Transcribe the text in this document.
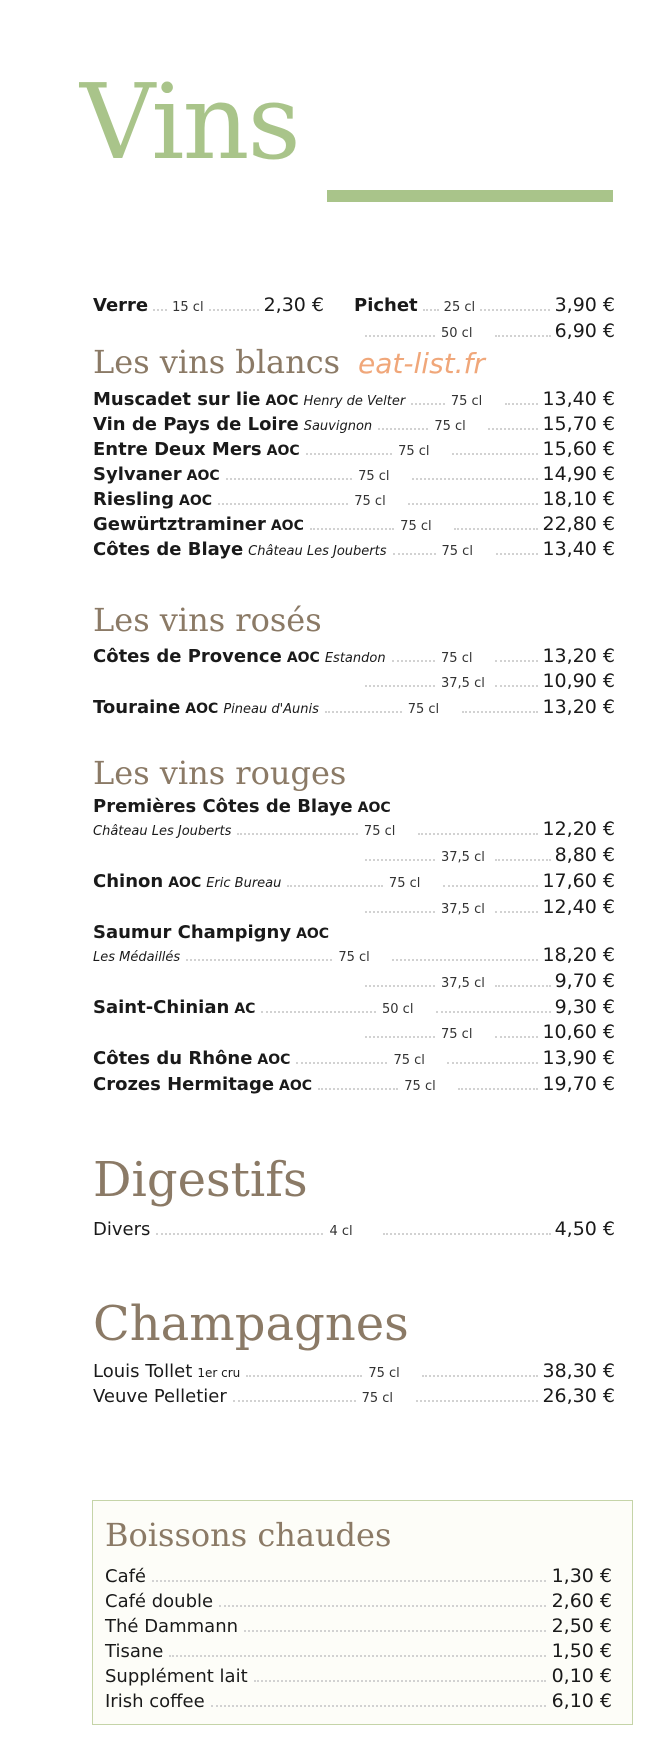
Vins
Verre 15 cl	2,30 € Pichet 25 cl	3,90 €
50 cl	6,90 €
Les vins blancs eat-list.fr
Muscadet sur lie AOC Henry de Velter	75 cl	13,40 €
Vin de Pays de Loire Sauvignon	75 cl	15,70 €
Entre Deux Mers AOC	75 cl	15,60 €
Sylvaner AOC	75 cl	14,90 €
Riesling AOC	75 cl	18,10 €
Gewürtztraminer AOC	75 cl	22,80 €
Côtes de Blaye Château Les Jouberts	75 cl	13,40 €
Les vins rosés
Côtes de Provence AOC Estandon	75 cl	13,20 €
37,5 cl	10,90 €
Touraine AOC Pineau d'Aunis	75 cl	13,20 €
Les vins rouges
Premières Côtes de Blaye AOC
Château Les Jouberts	75 cl	12,20 €
37,5 cl	8,80 €
Chinon AOC Eric Bureau	75 cl	17,60 €
37,5 cl	12,40 €
Saumur Champigny AOC
Les Médaillés	75 cl	18,20 €
37,5 cl	9,70 €
Saint-Chinian AC	50 cl	9,30 €
75 cl	10,60 €
Côtes du Rhône AOC	75 cl	13,90 €
Crozes Hermitage AOC	75 cl	19,70 €
Digestifs
Divers	4 cl	4,50 €
Champagnes
Louis Tollet 1er cru	75 cl	38,30 €
Veuve Pelletier	75 cl	26,30 €
Boissons chaudes
Café	1,30 €
Café double	2,60 €
Thé Dammann	2,50 €
Tisane	1,50 €
Supplément lait	0,10 €
Irish coffee	6,10 €
